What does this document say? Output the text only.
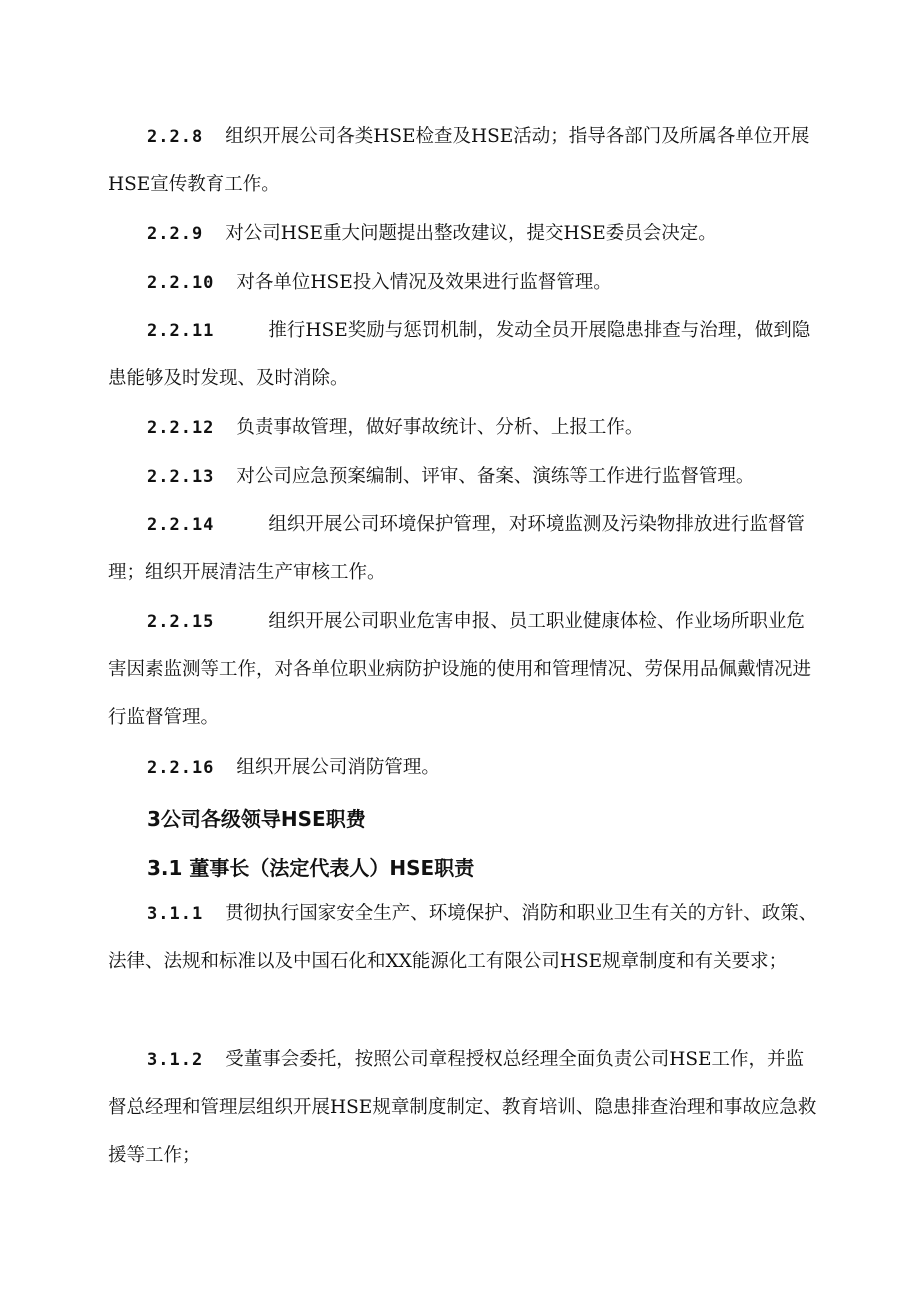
2.2.8 组织开展公司各类HSE检查及HSE活动；指导各部门及所属各单位开展HSE宣传教育工作。

2.2.9 对公司HSE重大问题提出整改建议，提交HSE委员会决定。

2.2.10 对各单位HSE投入情况及效果进行监督管理。

2.2.11	推行HSE奖励与惩罚机制，发动全员开展隐患排查与治理，做到隐患能够及时发现、及时消除。

2.2.12 负责事故管理，做好事故统计、分析、上报工作。

2.2.13 对公司应急预案编制、评审、备案、演练等工作进行监督管理。

2.2.14	组织开展公司环境保护管理，对环境监测及污染物排放进行监督管理；组织开展清洁生产审核工作。

2.2.15	组织开展公司职业危害申报、员工职业健康体检、作业场所职业危害因素监测等工作，对各单位职业病防护设施的使用和管理情况、劳保用品佩戴情况进行监督管理。

2.2.16 组织开展公司消防管理。

3公司各级领导HSE职费
3.1 董事长（法定代表人）HSE职责

3.1.1 贯彻执行国家安全生产、环境保护、消防和职业卫生有关的方针、政策、法律、法规和标准以及中国石化和XX能源化工有限公司HSE规章制度和有关要求；

3.1.2 受董事会委托，按照公司章程授权总经理全面负责公司HSE工作，并监督总经理和管理层组织开展HSE规章制度制定、教育培训、隐患排查治理和事故应急救援等工作；
